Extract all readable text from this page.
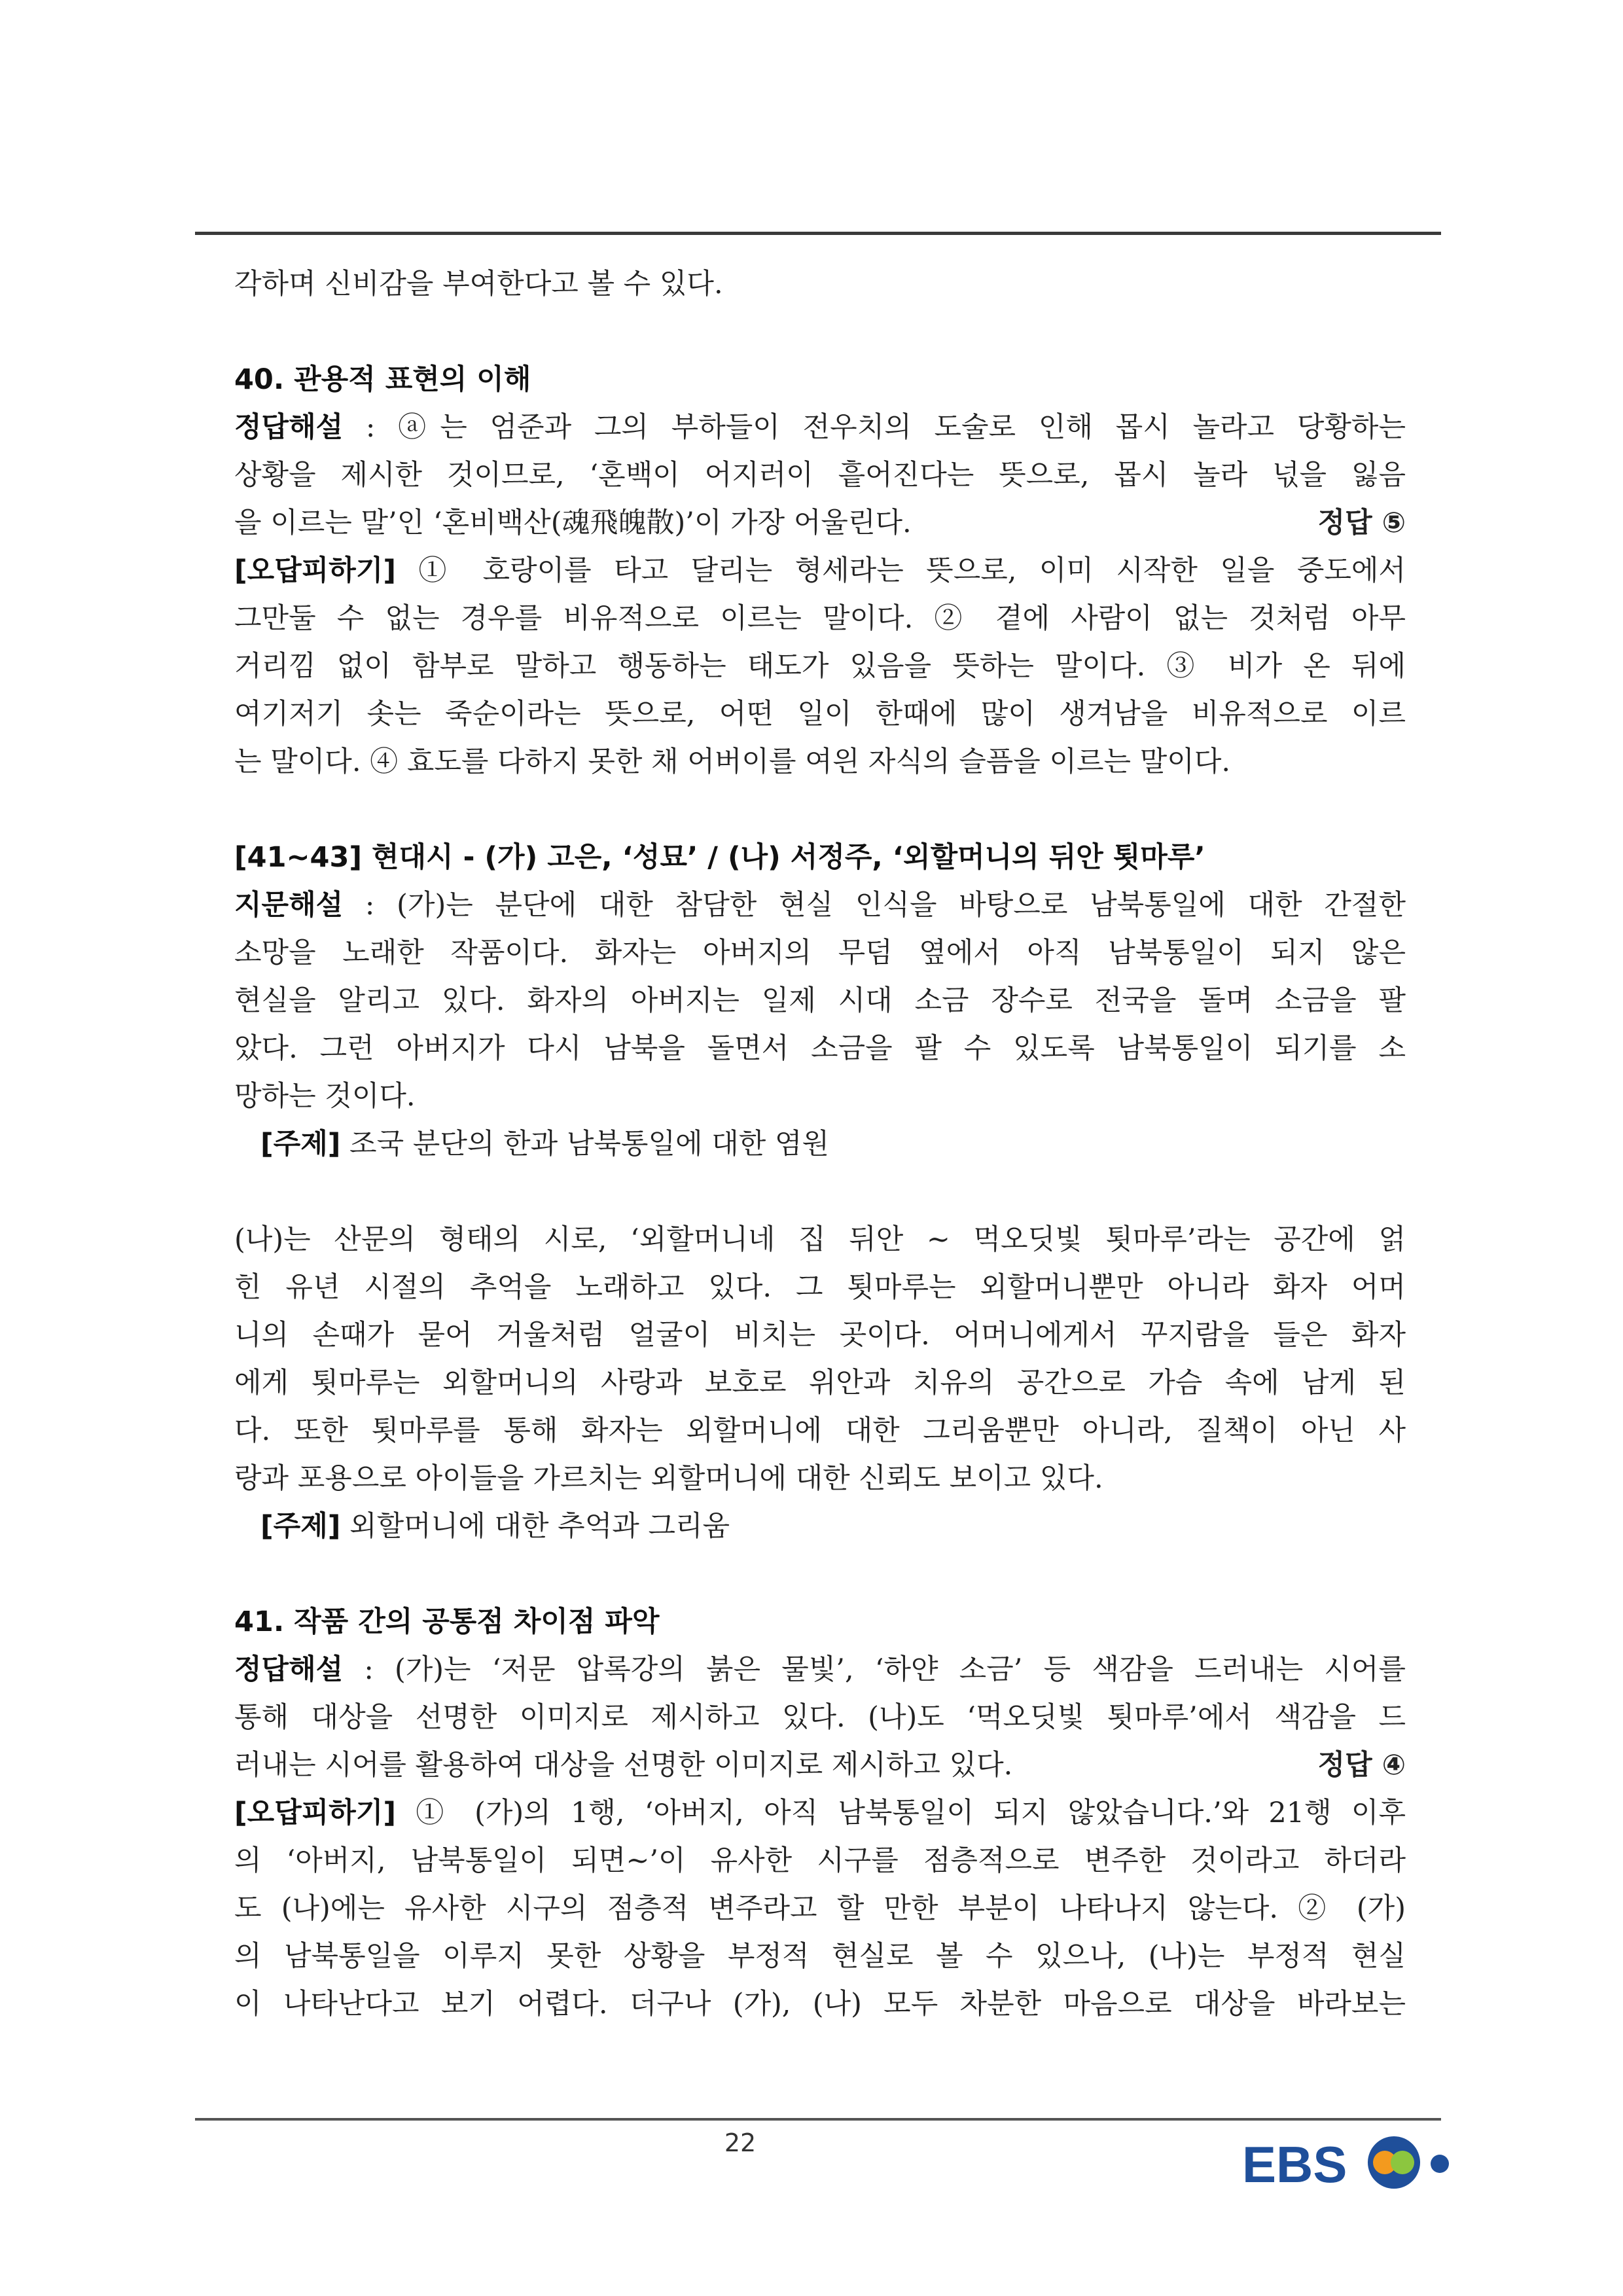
각하며 신비감을 부여한다고 볼 수 있다.

40. 관용적 표현의 이해

정답해설 : ⓐ는 엄준과 그의 부하들이 전우치의 도술로 인해 몹시 놀라고 당황하는
상황을 제시한 것이므로, ‘혼백이 어지러이 흩어진다는 뜻으로, 몹시 놀라 넋을 잃음
을 이르는 말’인 ‘혼비백산(魂飛魄散)’이 가장 어울린다.	정답 ⑤
[오답피하기] ① 호랑이를 타고 달리는 형세라는 뜻으로, 이미 시작한 일을 중도에서
그만둘 수 없는 경우를 비유적으로 이르는 말이다. ② 곁에 사람이 없는 것처럼 아무
거리낌 없이 함부로 말하고 행동하는 태도가 있음을 뜻하는 말이다. ③ 비가 온 뒤에
여기저기 솟는 죽순이라는 뜻으로, 어떤 일이 한때에 많이 생겨남을 비유적으로 이르
는 말이다. ④ 효도를 다하지 못한 채 어버이를 여읜 자식의 슬픔을 이르는 말이다.

[41~43] 현대시 - (가) 고은, ‘성묘’ / (나) 서정주, ‘외할머니의 뒤안 툇마루’

지문해설 : (가)는 분단에 대한 참담한 현실 인식을 바탕으로 남북통일에 대한 간절한
소망을 노래한 작품이다. 화자는 아버지의 무덤 옆에서 아직 남북통일이 되지 않은
현실을 알리고 있다. 화자의 아버지는 일제 시대 소금 장수로 전국을 돌며 소금을 팔
았다. 그런 아버지가 다시 남북을 돌면서 소금을 팔 수 있도록 남북통일이 되기를 소
망하는 것이다.
[주제] 조국 분단의 한과 남북통일에 대한 염원
(나)는 산문의 형태의 시로, ‘외할머니네 집 뒤안 ~ 먹오딧빛 툇마루’라는 공간에 얽
힌 유년 시절의 추억을 노래하고 있다. 그 툇마루는 외할머니뿐만 아니라 화자 어머
니의 손때가 묻어 거울처럼 얼굴이 비치는 곳이다. 어머니에게서 꾸지람을 들은 화자
에게 툇마루는 외할머니의 사랑과 보호로 위안과 치유의 공간으로 가슴 속에 남게 된
다. 또한 툇마루를 통해 화자는 외할머니에 대한 그리움뿐만 아니라, 질책이 아닌 사
랑과 포용으로 아이들을 가르치는 외할머니에 대한 신뢰도 보이고 있다.
[주제] 외할머니에 대한 추억과 그리움

41. 작품 간의 공통점 차이점 파악

정답해설 : (가)는 ‘저문 압록강의 붉은 물빛’, ‘하얀 소금’ 등 색감을 드러내는 시어를
통해 대상을 선명한 이미지로 제시하고 있다. (나)도 ‘먹오딧빛 툇마루’에서 색감을 드
러내는 시어를 활용하여 대상을 선명한 이미지로 제시하고 있다.	정답 ④
[오답피하기] ① (가)의 1행, ‘아버지, 아직 남북통일이 되지 않았습니다.’와 21행 이후
의 ‘아버지, 남북통일이 되면~’이 유사한 시구를 점층적으로 변주한 것이라고 하더라
도 (나)에는 유사한 시구의 점층적 변주라고 할 만한 부분이 나타나지 않는다. ② (가)
의 남북통일을 이루지 못한 상황을 부정적 현실로 볼 수 있으나, (나)는 부정적 현실
이 나타난다고 보기 어렵다. 더구나 (가), (나) 모두 차분한 마음으로 대상을 바라보는
22	EBS
